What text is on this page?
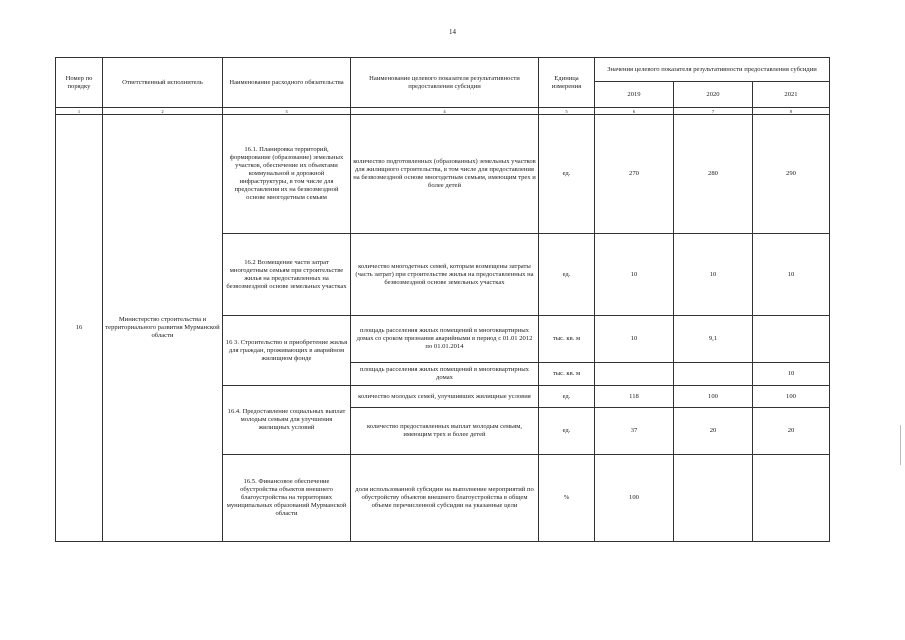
14
Номер по порядку	Ответственный исполнитель	Наименование расходного обязательства	Наименование целевого показателя результативности предоставления субсидии	Единица измерения	Значения целевого показателя результативности предоставления субсидии		
					2019	2020	2021
1	2	3	4	5	6	7	8
16	Министерство строительства и территориального развития Мурманской области	16.1. Планировка территорий, формирование (образование) земельных участков, обеспечение их объектами коммунальной и дорожной инфраструктуры, в том числе для предоставления их на безвозмездной основе многодетным семьям	количество подготовленных (образованных) земельных участков для жилищного строительства, в том числе для предоставления на безвозмездной основе многодетным семьям, имеющим трех и более детей	ед.	270	280	290
		16.2 Возмещение части затрат многодетным семьям при строительстве жилья на предоставленных на безвозмездной основе земельных участках	количество многодетных семей, которым возмещены затраты (часть затрат) при строительстве жилья на предоставленных на безвозмездной основе земельных участках	ед.	10	10	10
		16 3. Строительство и приобретение жилья для граждан, проживающих в аварийном жилищном фонде	площадь расселения жилых помещений в многоквартирных домах со сроком признания аварийными в период с 01.01 2012 по 01.01.2014	тыс. кв. м	10	9,1	
			площадь расселения жилых помещений в многоквартирных домах	тыс. кв. м			10
		16.4. Предоставление социальных выплат молодым семьям для улучшения жилищных условий	количество молодых семей, улучшивших жилищные условия	ед.	118	100	100
			количество предоставленных выплат молодым семьям, имеющим трех и более детей	ед.	37	20	20
		16.5. Финансовое обеспечение обустройства объектов внешнего благоустройства на территориях муниципальных образований Мурманской области	доля использованной субсидии на выполнение мероприятий по обустройству объектов внешнего благоустройства в общем объеме перечисленной субсидии на указанные цели	%	100		
